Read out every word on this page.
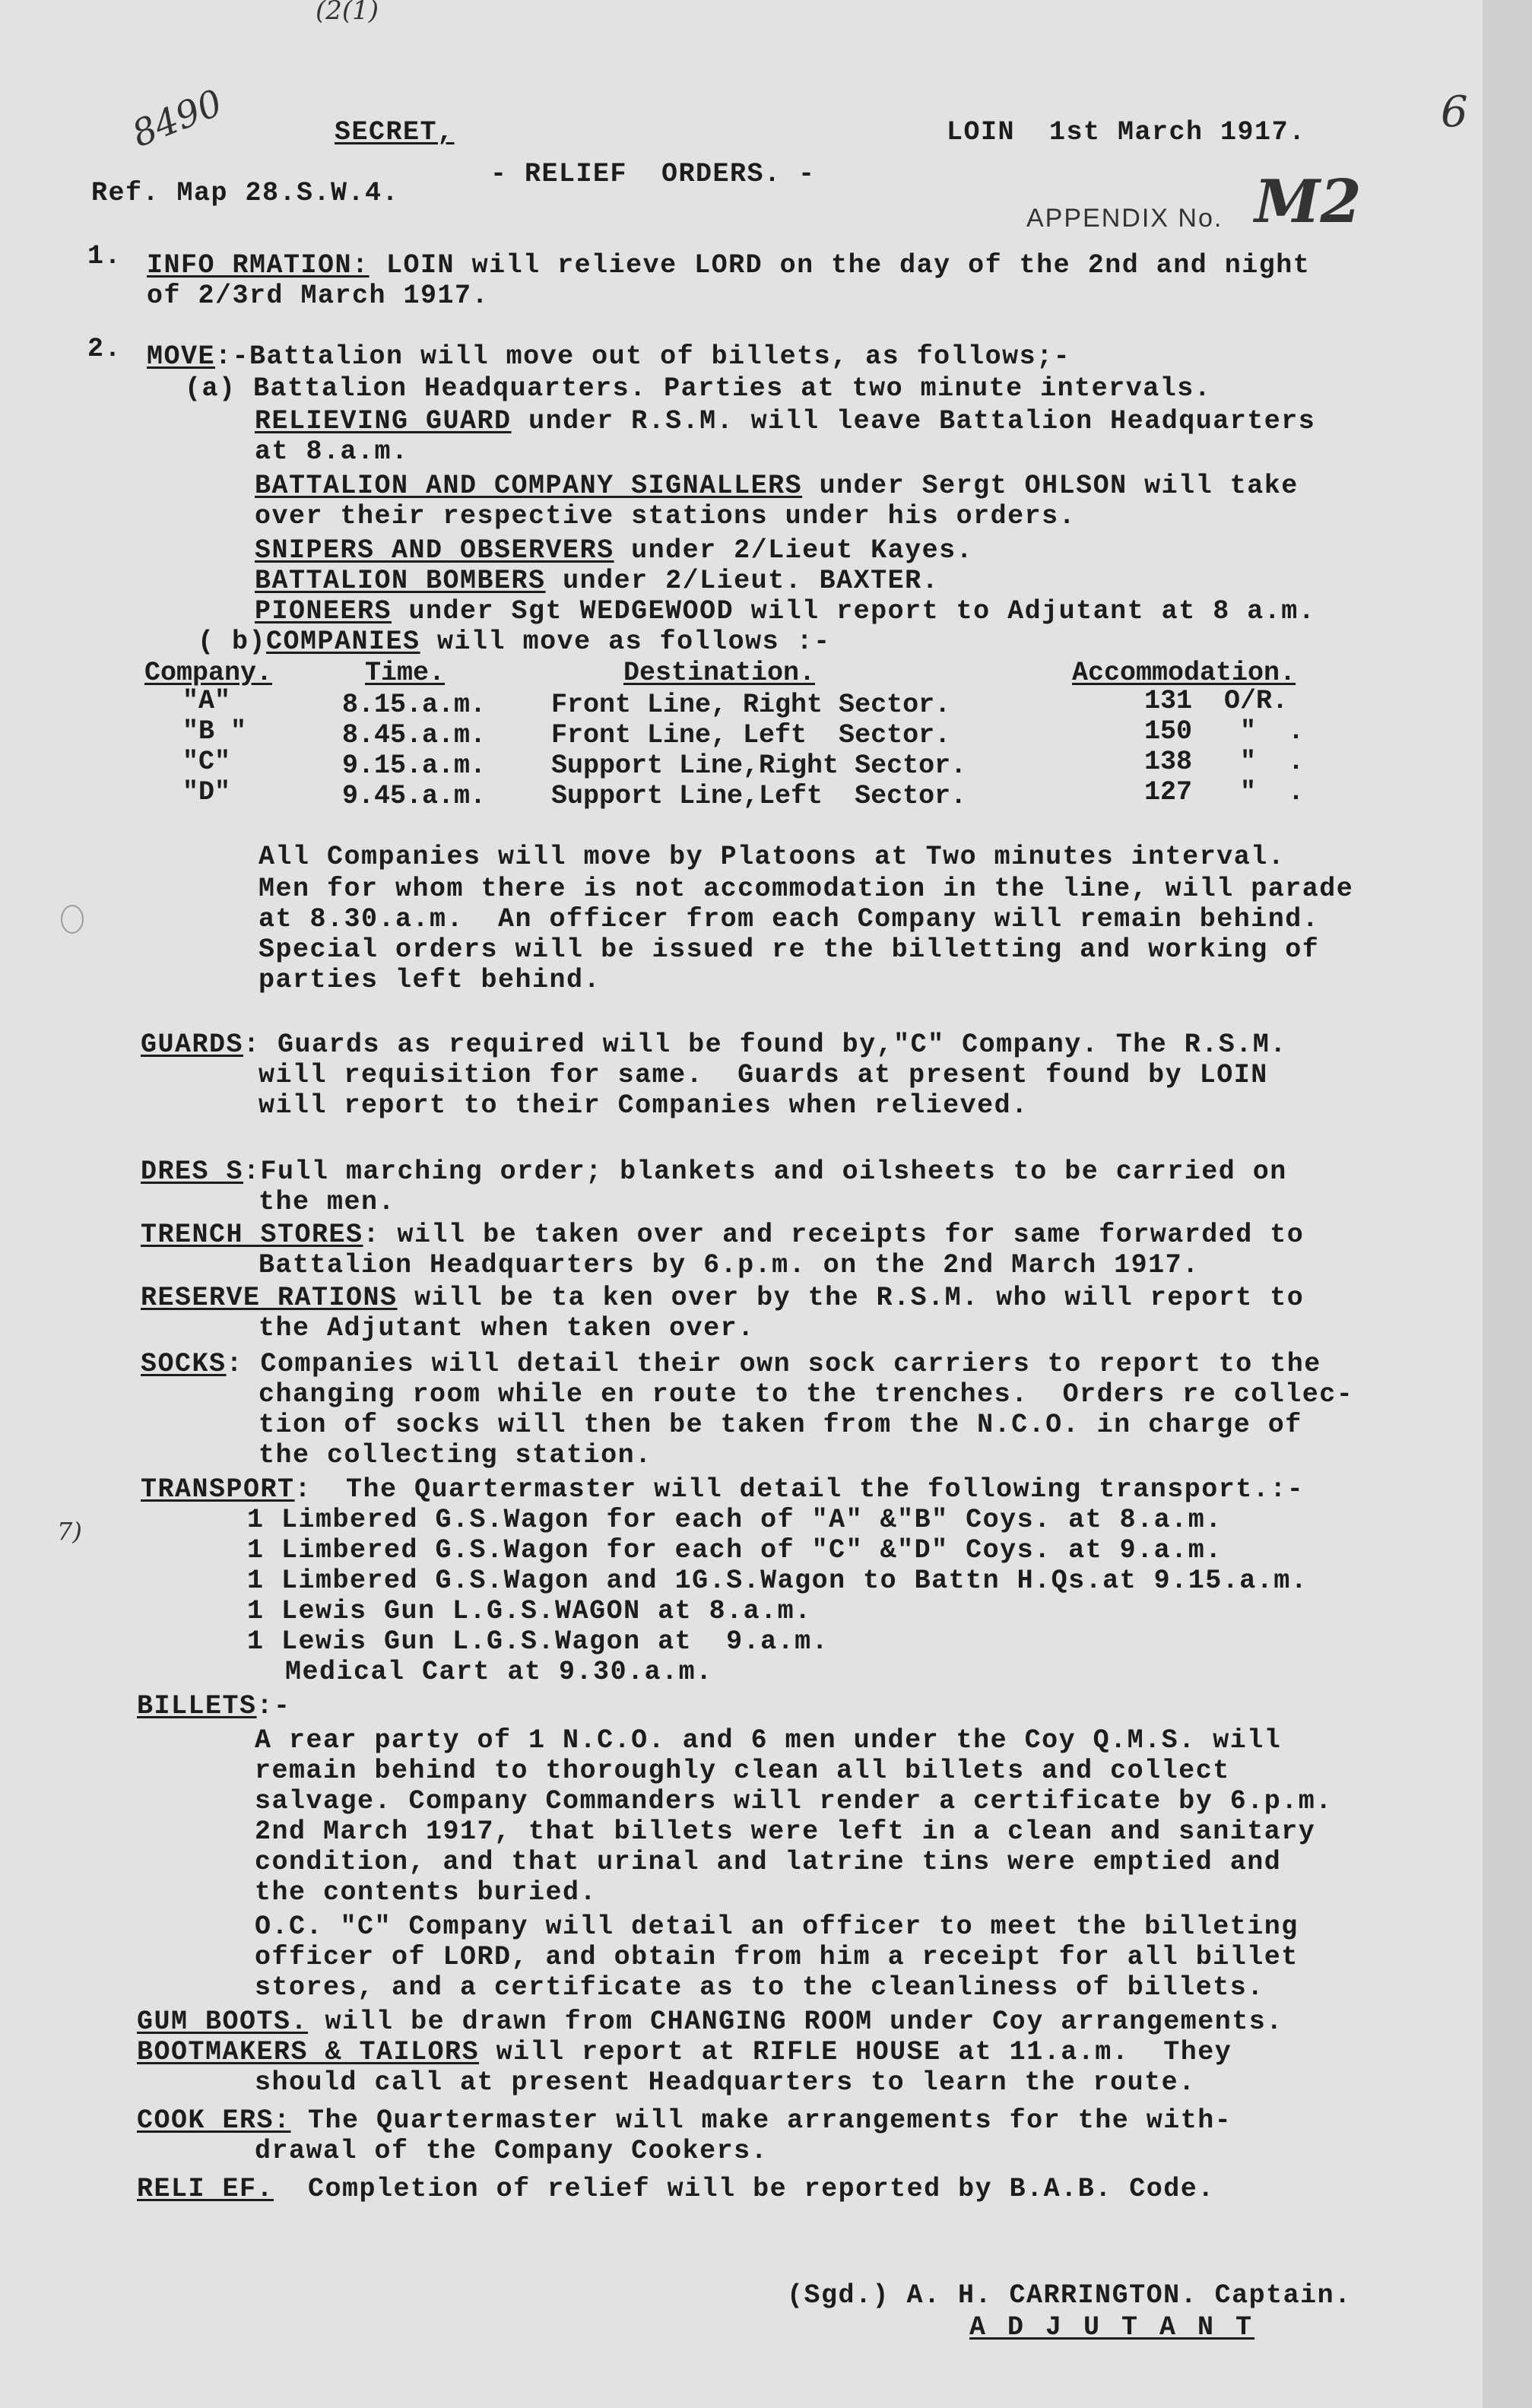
(2(1)
8490	6
7)
SECRET,	LOIN  1st March 1917.
- RELIEF  ORDERS. -
Ref. Map 28.S.W.4.
APPENDIX No. M2
1. INFO RMATION: LOIN will relieve LORD on the day of the 2nd and night
of 2/3rd March 1917.
2. MOVE:-Battalion will move out of billets, as follows;-
(a) Battalion Headquarters. Parties at two minute intervals.
RELIEVING GUARD under R.S.M. will leave Battalion Headquarters
at 8.a.m.
BATTALION AND COMPANY SIGNALLERS under Sergt OHLSON will take
over their respective stations under his orders.
SNIPERS AND OBSERVERS under 2/Lieut Kayes.
BATTALION BOMBERS under 2/Lieut. BAXTER.
PIONEERS under Sgt WEDGEWOOD will report to Adjutant at 8 a.m.
( b)COMPANIES will move as follows :-
Company.	Time.	Destination.	Accommodation.
"A"	8.15.a.m. Front Line, Right Sector.	131  O/R.
"B "	8.45.a.m. Front Line, Left  Sector.	150   "  .
"C"	9.15.a.m. Support Line,Right Sector.	138   "  .
"D"	9.45.a.m. Support Line,Left  Sector.	127   "  .
All Companies will move by Platoons at Two minutes interval.
Men for whom there is not accommodation in the line, will parade
at 8.30.a.m.  An officer from each Company will remain behind.
Special orders will be issued re the billetting and working of
parties left behind.
GUARDS: Guards as required will be found by,"C" Company. The R.S.M.
will requisition for same.  Guards at present found by LOIN
will report to their Companies when relieved.
DRES S:Full marching order; blankets and oilsheets to be carried on
the men.
TRENCH STORES: will be taken over and receipts for same forwarded to
Battalion Headquarters by 6.p.m. on the 2nd March 1917.
RESERVE RATIONS will be ta ken over by the R.S.M. who will report to
the Adjutant when taken over.
SOCKS: Companies will detail their own sock carriers to report to the
changing room while en route to the trenches.  Orders re collec-
tion of socks will then be taken from the N.C.O. in charge of
the collecting station.
TRANSPORT:  The Quartermaster will detail the following transport.:-
1 Limbered G.S.Wagon for each of "A" &"B" Coys. at 8.a.m.
1 Limbered G.S.Wagon for each of "C" &"D" Coys. at 9.a.m.
1 Limbered G.S.Wagon and 1G.S.Wagon to Battn H.Qs.at 9.15.a.m.
1 Lewis Gun L.G.S.WAGON at 8.a.m.
1 Lewis Gun L.G.S.Wagon at  9.a.m.
Medical Cart at 9.30.a.m.
BILLETS:-
A rear party of 1 N.C.O. and 6 men under the Coy Q.M.S. will
remain behind to thoroughly clean all billets and collect
salvage. Company Commanders will render a certificate by 6.p.m.
2nd March 1917, that billets were left in a clean and sanitary
condition, and that urinal and latrine tins were emptied and
the contents buried.
O.C. "C" Company will detail an officer to meet the billeting
officer of LORD, and obtain from him a receipt for all billet
stores, and a certificate as to the cleanliness of billets.
GUM BOOTS. will be drawn from CHANGING ROOM under Coy arrangements.
BOOTMAKERS & TAILORS will report at RIFLE HOUSE at 11.a.m.  They
should call at present Headquarters to learn the route.
COOK ERS: The Quartermaster will make arrangements for the with-
drawal of the Company Cookers.
RELI EF.  Completion of relief will be reported by B.A.B. Code.
(Sgd.) A. H. CARRINGTON. Captain.
A D J U T A N T
